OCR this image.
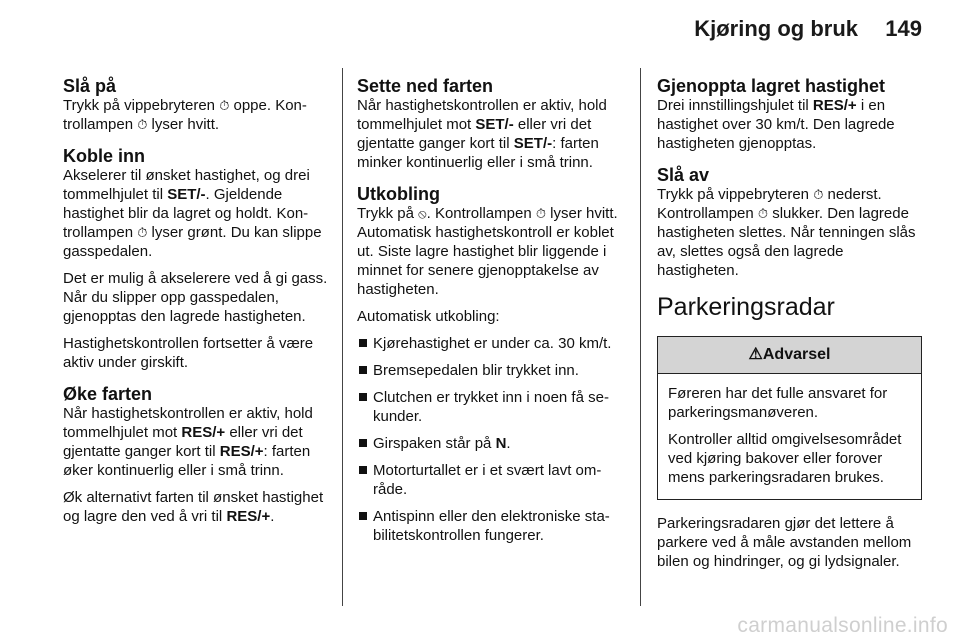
Kjøring og bruk 149
Slå på

Trykk på vippebryteren ⏱ oppe. Kontrollampen ⏱ lyser hvitt.

Koble inn

Akselerer til ønsket hastighet, og drei tommelhjulet til SET/-. Gjeldende hastighet blir da lagret og holdt. Kontrollampen ⏱ lyser grønt. Du kan slippe gasspedalen.

Det er mulig å akselerere ved å gi gass. Når du slipper opp gasspedalen, gjenopptas den lagrede hastigheten.

Hastighetskontrollen fortsetter å være aktiv under girskift.

Øke farten

Når hastighetskontrollen er aktiv, hold tommelhjulet mot RES/+ eller vri det gjentatte ganger kort til RES/+: farten øker kontinuerlig eller i små trinn.

Øk alternativt farten til ønsket hastighet og lagre den ved å vri til RES/+.

Sette ned farten

Når hastighetskontrollen er aktiv, hold tommelhjulet mot SET/- eller vri det gjentatte ganger kort til SET/-: farten minker kontinuerlig eller i små trinn.

Utkobling

Trykk på ⦸. Kontrollampen ⏱ lyser hvitt. Automatisk hastighetskontroll er koblet ut. Siste lagre hastighet blir liggende i minnet for senere gjenopptakelse av hastigheten.

Automatisk utkobling:

Kjørehastighet er under ca. 30 km/t.
Bremsepedalen blir trykket inn.
Clutchen er trykket inn i noen få sekunder.
Girspaken står på N.
Motorturtallet er i et svært lavt område.
Antispinn eller den elektroniske stabilitetskontrollen fungerer.
Gjenoppta lagret hastighet

Drei innstillingshjulet til RES/+ i en hastighet over 30 km/t. Den lagrede hastigheten gjenopptas.

Slå av

Trykk på vippebryteren ⏱ nederst. Kontrollampen ⏱ slukker. Den lagrede hastigheten slettes. Når tenningen slås av, slettes også den lagrede hastigheten.

Parkeringsradar
⚠Advarsel

Føreren har det fulle ansvaret for parkeringsmanøveren.

Kontroller alltid omgivelsesområdet ved kjøring bakover eller forover mens parkeringsradaren brukes.

Parkeringsradaren gjør det lettere å parkere ved å måle avstanden mellom bilen og hindringer, og gi lydsignaler.

carmanualsonline.info
